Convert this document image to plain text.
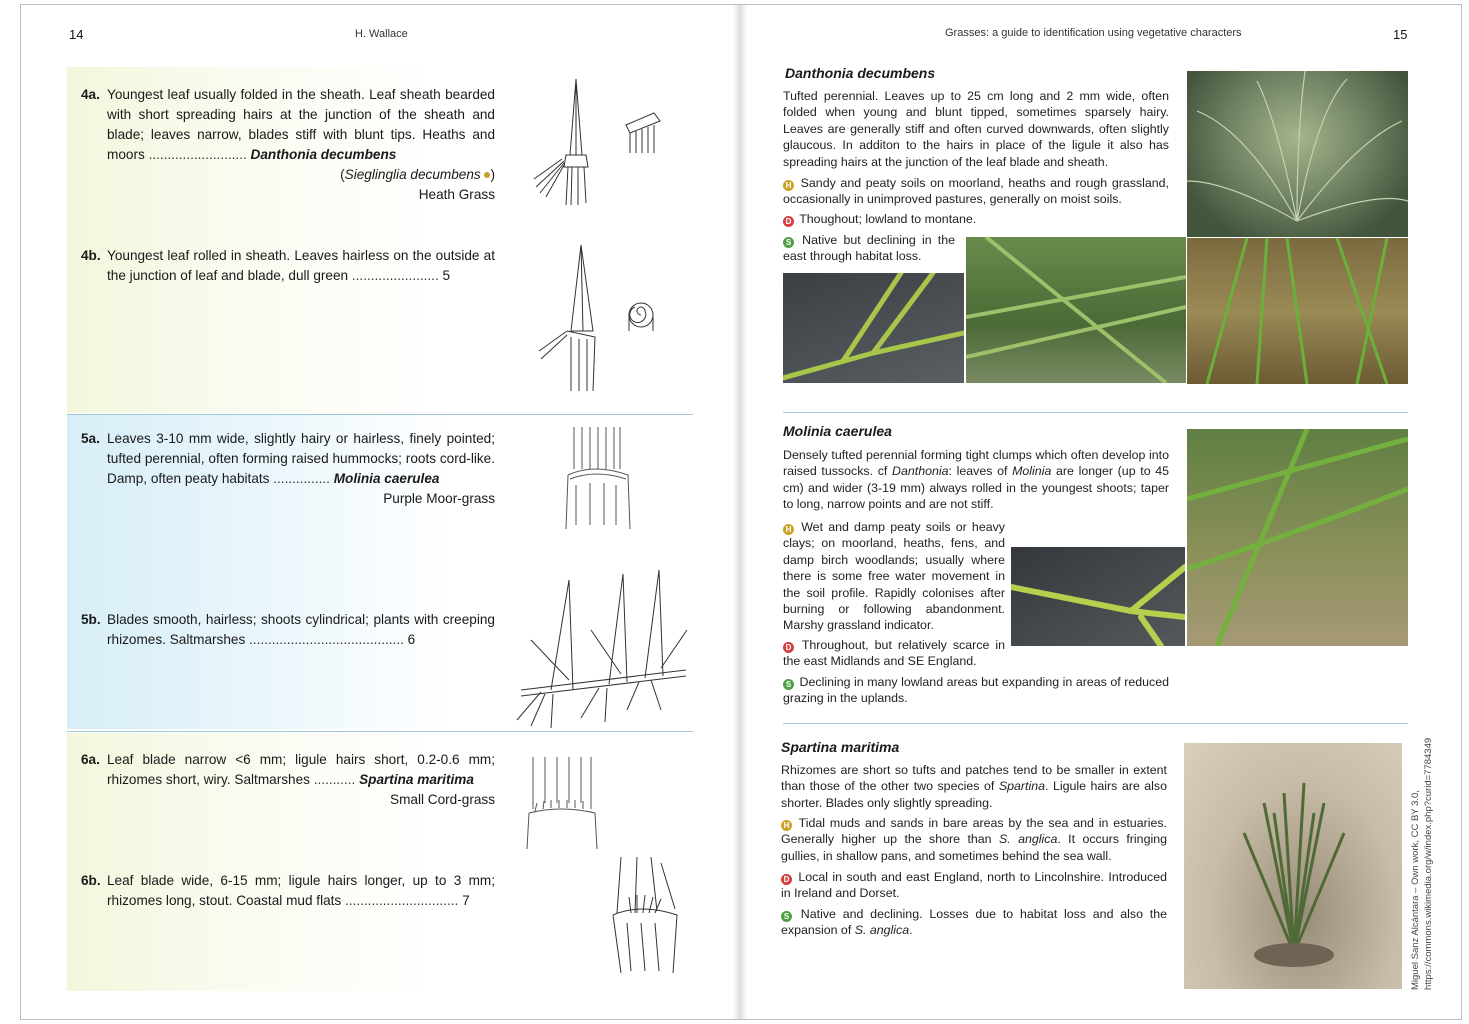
14	H. Wallace
4a. Youngest leaf usually folded in the sheath. Leaf sheath bearded with short spreading hairs at the junction of the sheath and blade; leaves narrow, blades stiff with blunt tips. Heaths and moors .......................... Danthonia decumbens
(Sieglinglia decumbens )
Heath Grass
4b. Youngest leaf rolled in sheath. Leaves hairless on the outside at the junction of leaf and blade, dull green ....................... 5
5a. Leaves 3-10 mm wide, slightly hairy or hairless, finely pointed; tufted perennial, often forming raised hummocks; roots cord-like. Damp, often peaty habitats ............... Molinia caerulea
Purple Moor-grass
5b. Blades smooth, hairless; shoots cylindrical; plants with creeping rhizomes. Saltmarshes ......................................... 6
6a. Leaf blade narrow <6 mm; ligule hairs short, 0.2-0.6 mm; rhizomes short, wiry. Saltmarshes ........... Spartina maritima
Small Cord-grass
6b. Leaf blade wide, 6-15 mm; ligule hairs longer, up to 3 mm; rhizomes long, stout. Coastal mud flats .............................. 7
Grasses: a guide to identification using vegetative characters	15
Danthonia decumbens
Tufted perennial. Leaves up to 25 cm long and 2 mm wide, often folded when young and blunt tipped, sometimes sparsely hairy. Leaves are generally stiff and often curved downwards, often slightly glaucous. In additon to the hairs in place of the ligule it also has spreading hairs at the junction of the leaf blade and sheath.
H Sandy and peaty soils on moorland, heaths and rough grassland, occasionally in unimproved pastures, generally on moist soils.
D Thoughout; lowland to montane.
S Native but declining in the east through habitat loss.
Molinia caerulea
Densely tufted perennial forming tight clumps which often develop into raised tussocks. cf Danthonia: leaves of Molinia are longer (up to 45 cm) and wider (3-19 mm) always rolled in the youngest shoots; taper to long, narrow points and are not stiff.
H Wet and damp peaty soils or heavy clays; on moorland, heaths, fens, and damp birch woodlands; usually where there is some free water movement in the soil profile. Rapidly colonises after burning or following abandonment. Marshy grassland indicator.
D Throughout, but relatively scarce in the east Midlands and SE England.
S Declining in many lowland areas but expanding in areas of reduced grazing in the uplands.
Spartina maritima
Rhizomes are short so tufts and patches tend to be smaller in extent than those of the other two species of Spartina. Ligule hairs are also shorter. Blades only slightly spreading.
H Tidal muds and sands in bare areas by the sea and in estuaries. Generally higher up the shore than S. anglica. It occurs fringing gullies, in shallow pans, and sometimes behind the sea wall.
D Local in south and east England, north to Lincolnshire. Introduced in Ireland and Dorset.
S Native and declining. Losses due to habitat loss and also the expansion of S. anglica.	Miguel Sanz Alcántara – Own work, CC BY 3.0, https://commons.wikimedia.org/w/index.php?curid=7784349
